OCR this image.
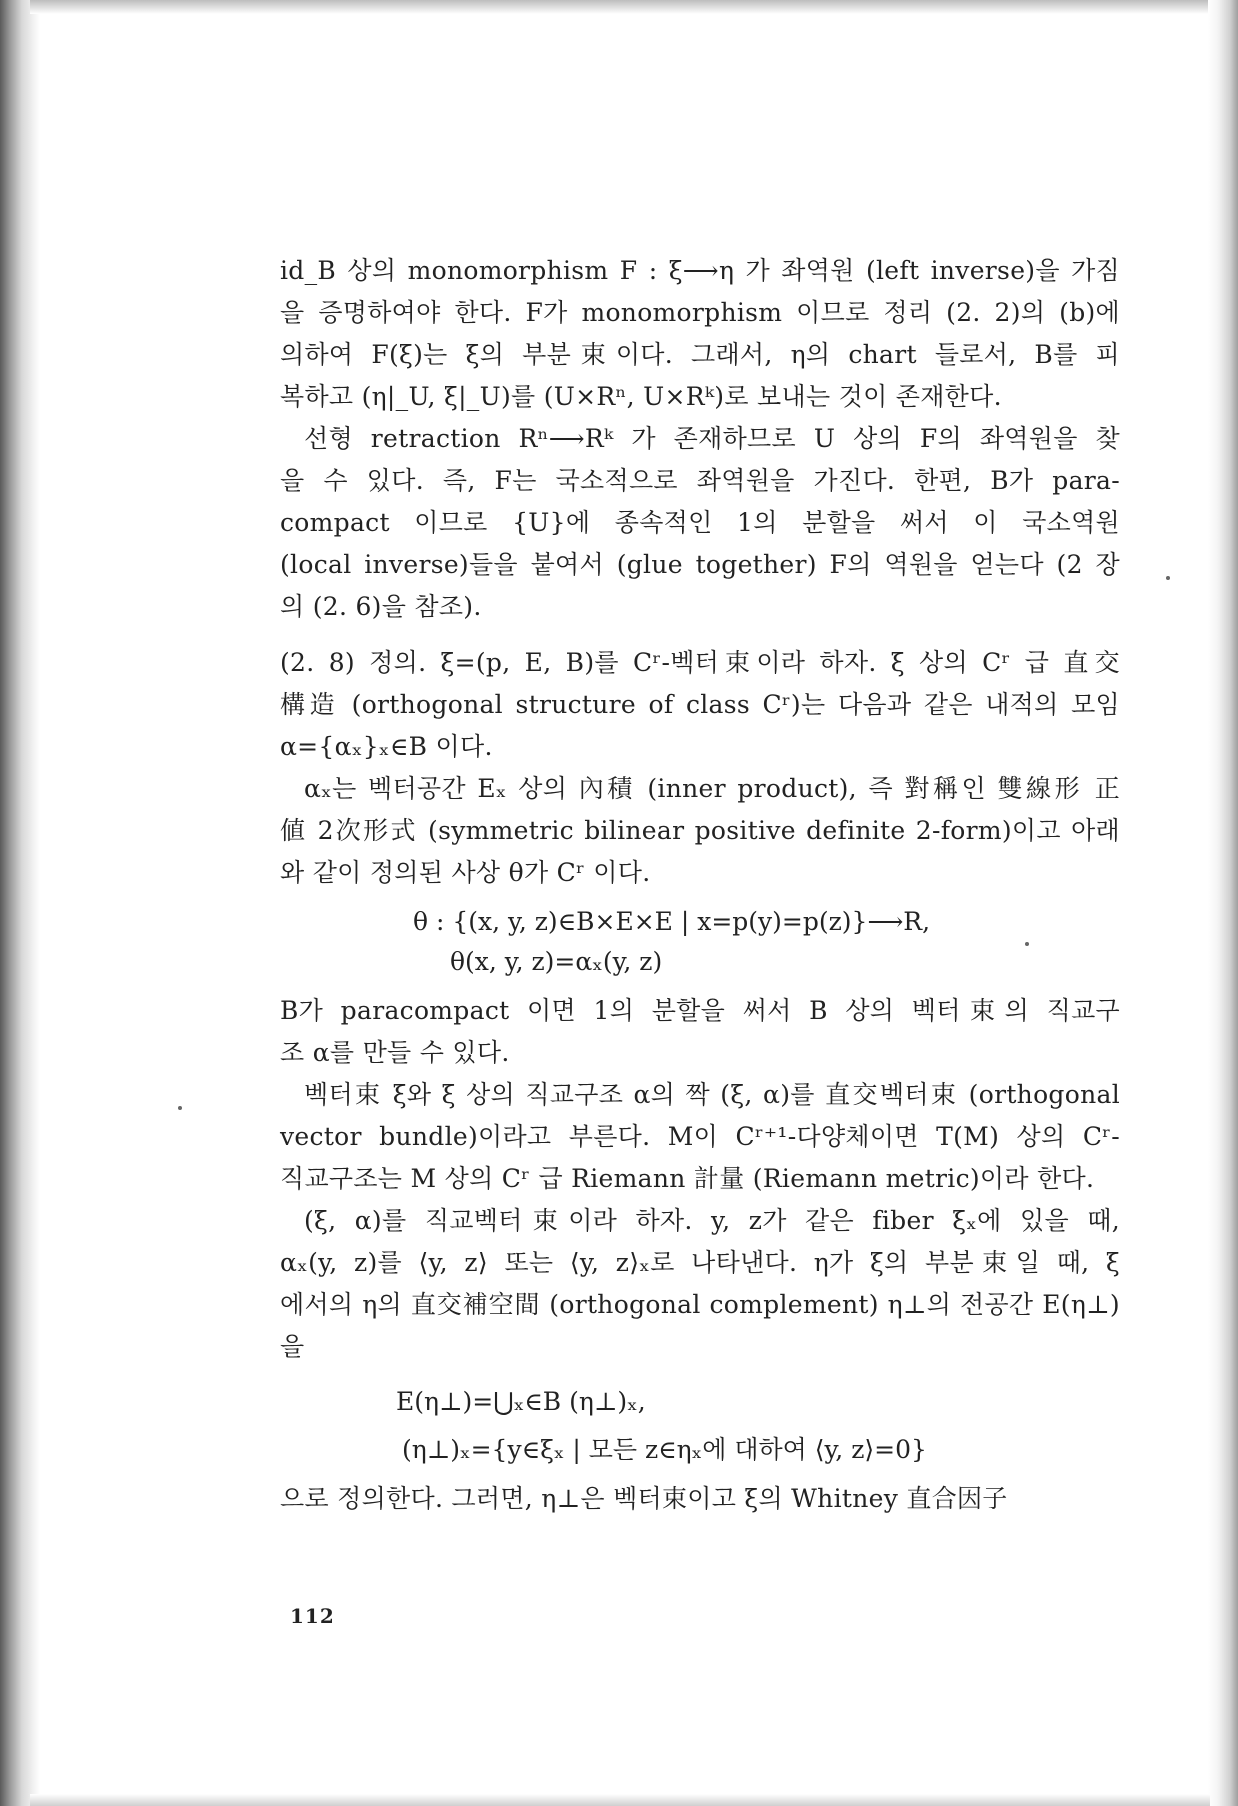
id_B 상의 monomorphism F : ξ⟶η 가 좌역원 (left inverse)을 가짐
을 증명하여야 한다. F가 monomorphism 이므로 정리 (2. 2)의 (b)에
의하여 F(ξ)는 ξ의 부분束이다. 그래서, η의 chart 들로서, B를 피
복하고 (η|_U, ξ|_U)를 (U×Rⁿ, U×Rᵏ)로 보내는 것이 존재한다.
선형 retraction Rⁿ⟶Rᵏ 가 존재하므로 U 상의 F의 좌역원을 찾
을 수 있다. 즉, F는 국소적으로 좌역원을 가진다. 한편, B가 para-
compact 이므로 {U}에 종속적인 1의 분할을 써서 이 국소역원
(local inverse)들을 붙여서 (glue together) F의 역원을 얻는다 (2 장
의 (2. 6)을 참조).
(2. 8) 정의. ξ=(p, E, B)를 Cʳ-벡터束이라 하자. ξ 상의 Cʳ 급 直交
構造 (orthogonal structure of class Cʳ)는 다음과 같은 내적의 모임
α={αₓ}ₓ∈B 이다.
αₓ는 벡터공간 Eₓ 상의 內積 (inner product), 즉 對稱인 雙線形 正
値 2次形式 (symmetric bilinear positive definite 2-form)이고 아래
와 같이 정의된 사상 θ가 Cʳ 이다.
θ : {(x, y, z)∈B×E×E | x=p(y)=p(z)}⟶R,
θ(x, y, z)=αₓ(y, z)
B가 paracompact 이면 1의 분할을 써서 B 상의 벡터束의 직교구
조 α를 만들 수 있다.
벡터束 ξ와 ξ 상의 직교구조 α의 짝 (ξ, α)를 直交벡터束 (orthogonal
vector bundle)이라고 부른다. M이 Cʳ⁺¹-다양체이면 T(M) 상의 Cʳ-
직교구조는 M 상의 Cʳ 급 Riemann 計量 (Riemann metric)이라 한다.
(ξ, α)를 직교벡터束이라 하자. y, z가 같은 fiber ξₓ에 있을 때,
αₓ(y, z)를 ⟨y, z⟩ 또는 ⟨y, z⟩ₓ로 나타낸다. η가 ξ의 부분束일 때, ξ
에서의 η의 直交補空間 (orthogonal complement) η⊥의 전공간 E(η⊥)
을
E(η⊥)=⋃ₓ∈B (η⊥)ₓ,
(η⊥)ₓ={y∈ξₓ | 모든 z∈ηₓ에 대하여 ⟨y, z⟩=0}
으로 정의한다. 그러면, η⊥은 벡터束이고 ξ의 Whitney 直合因子
112
